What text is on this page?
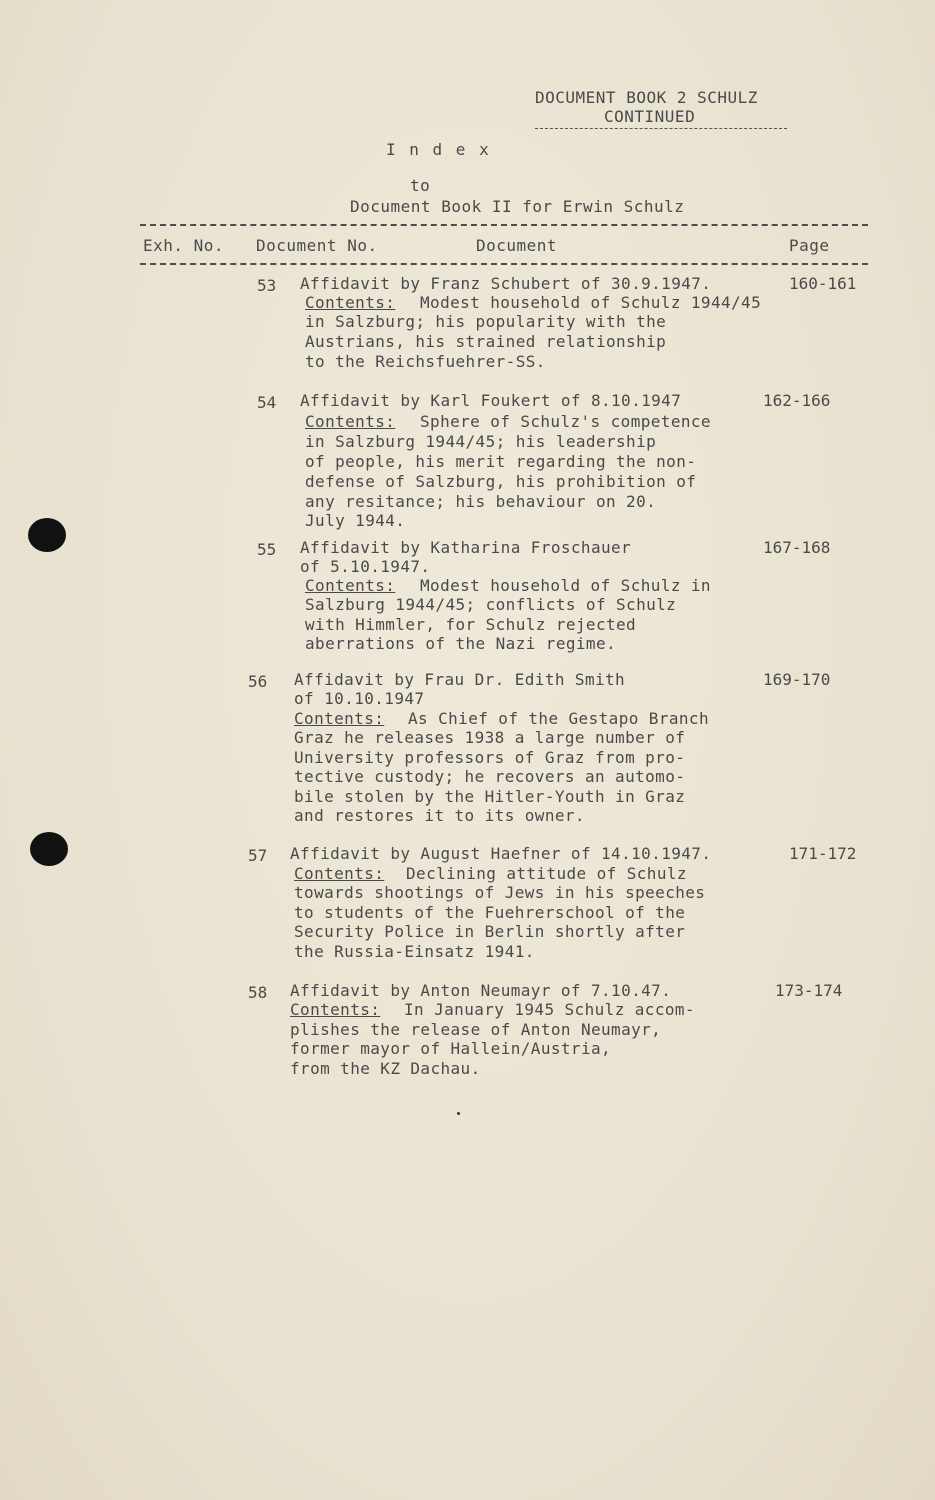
DOCUMENT BOOK 2 SCHULZ
CONTINUED
I n d e x
to
Document Book II for Erwin Schulz
Exh. No. Document No.	Document	Page
53 Affidavit by Franz Schubert of 30.9.1947.	160-161
Contents: Modest household of Schulz 1944/45
in Salzburg; his popularity with the
Austrians, his strained relationship
to the Reichsfuehrer-SS.
54 Affidavit by Karl Foukert of 8.10.1947	162-166
Contents: Sphere of Schulz's competence
in Salzburg 1944/45; his leadership
of people, his merit regarding the non-
defense of Salzburg, his prohibition of
any resitance; his behaviour on 20.
July 1944.
55 Affidavit by Katharina Froschauer	167-168
of 5.10.1947.
Contents: Modest household of Schulz in
Salzburg 1944/45; conflicts of Schulz
with Himmler, for Schulz rejected
aberrations of the Nazi regime.
56 Affidavit by Frau Dr. Edith Smith	169-170
of 10.10.1947
Contents: As Chief of the Gestapo Branch
Graz he releases 1938 a large number of
University professors of Graz from pro-
tective custody; he recovers an automo-
bile stolen by the Hitler-Youth in Graz
and restores it to its owner.
57 Affidavit by August Haefner of 14.10.1947.	171-172
Contents: Declining attitude of Schulz
towards shootings of Jews in his speeches
to students of the Fuehrerschool of the
Security Police in Berlin shortly after
the Russia-Einsatz 1941.
58 Affidavit by Anton Neumayr of 7.10.47.	173-174
Contents: In January 1945 Schulz accom-
plishes the release of Anton Neumayr,
former mayor of Hallein/Austria,
from the KZ Dachau.
